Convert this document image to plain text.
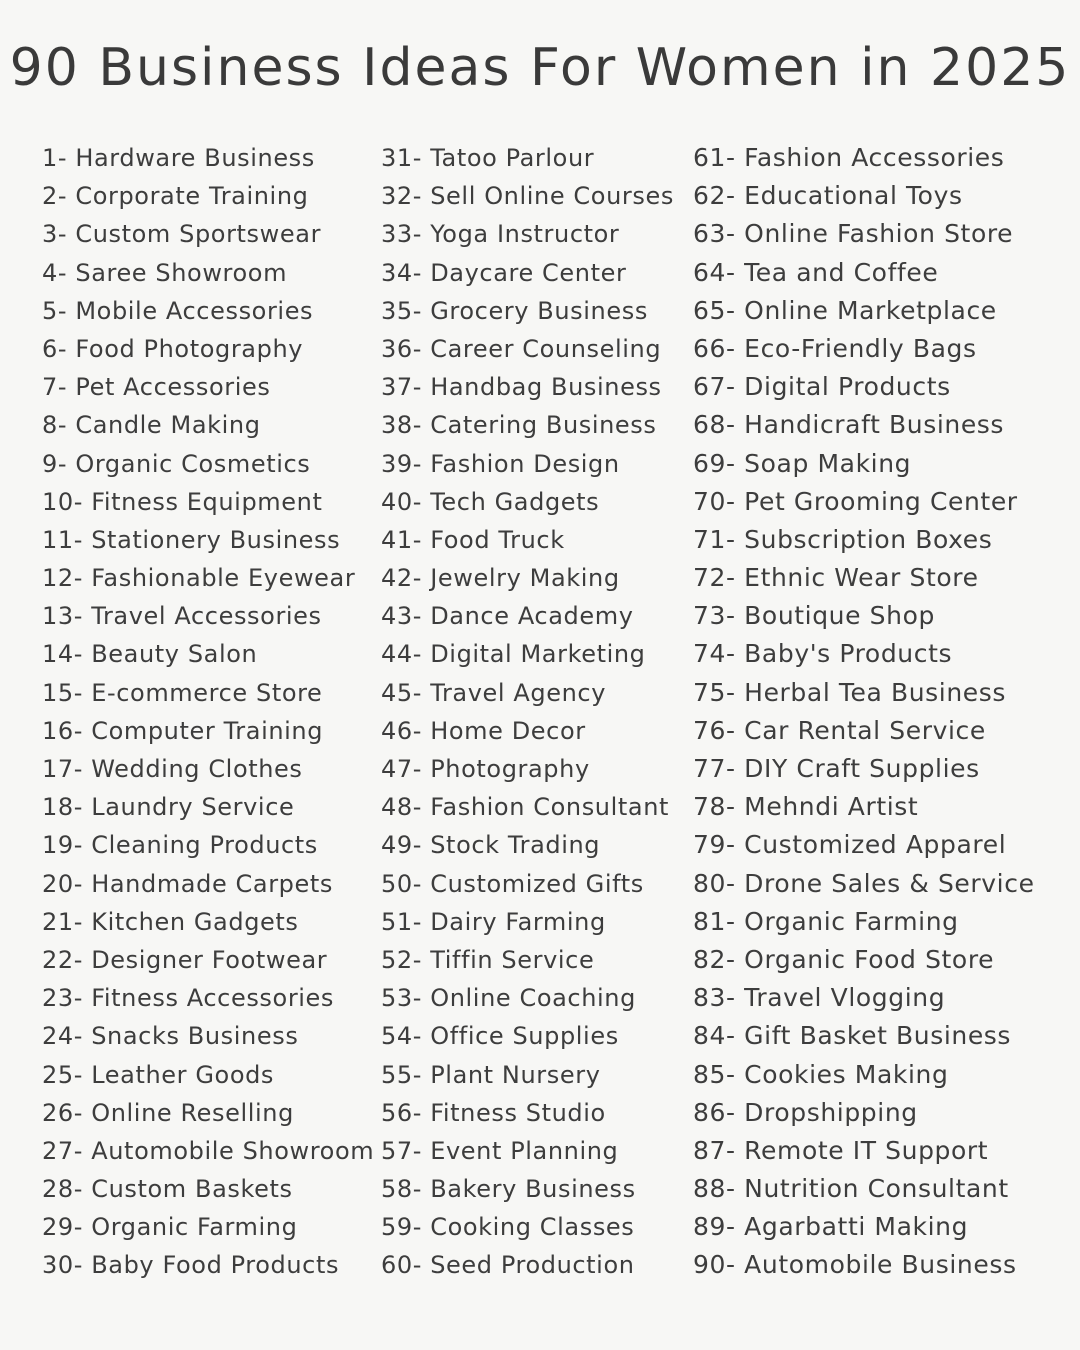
90 Business Ideas For Women in 2025
1- Hardware Business
2- Corporate Training
3- Custom Sportswear
4- Saree Showroom
5- Mobile Accessories
6- Food Photography
7- Pet Accessories
8- Candle Making
9- Organic Cosmetics
10- Fitness Equipment
11- Stationery Business
12- Fashionable Eyewear
13- Travel Accessories
14- Beauty Salon
15- E-commerce Store
16- Computer Training
17- Wedding Clothes
18- Laundry Service
19- Cleaning Products
20- Handmade Carpets
21- Kitchen Gadgets
22- Designer Footwear
23- Fitness Accessories
24- Snacks Business
25- Leather Goods
26- Online Reselling
27- Automobile Showroom
28- Custom Baskets
29- Organic Farming
30- Baby Food Products
31- Tatoo Parlour
32- Sell Online Courses
33- Yoga Instructor
34- Daycare Center
35- Grocery Business
36- Career Counseling
37- Handbag Business
38- Catering Business
39- Fashion Design
40- Tech Gadgets
41- Food Truck
42- Jewelry Making
43- Dance Academy
44- Digital Marketing
45- Travel Agency
46- Home Decor
47- Photography
48- Fashion Consultant
49- Stock Trading
50- Customized Gifts
51- Dairy Farming
52- Tiffin Service
53- Online Coaching
54- Office Supplies
55- Plant Nursery
56- Fitness Studio
57- Event Planning
58- Bakery Business
59- Cooking Classes
60- Seed Production
61- Fashion Accessories
62- Educational Toys
63- Online Fashion Store
64- Tea and Coffee
65- Online Marketplace
66- Eco-Friendly Bags
67- Digital Products
68- Handicraft Business
69- Soap Making
70- Pet Grooming Center
71- Subscription Boxes
72- Ethnic Wear Store
73- Boutique Shop
74- Baby's Products
75- Herbal Tea Business
76- Car Rental Service
77- DIY Craft Supplies
78- Mehndi Artist
79- Customized Apparel
80- Drone Sales & Service
81- Organic Farming
82- Organic Food Store
83- Travel Vlogging
84- Gift Basket Business
85- Cookies Making
86- Dropshipping
87- Remote IT Support
88- Nutrition Consultant
89- Agarbatti Making
90- Automobile Business
